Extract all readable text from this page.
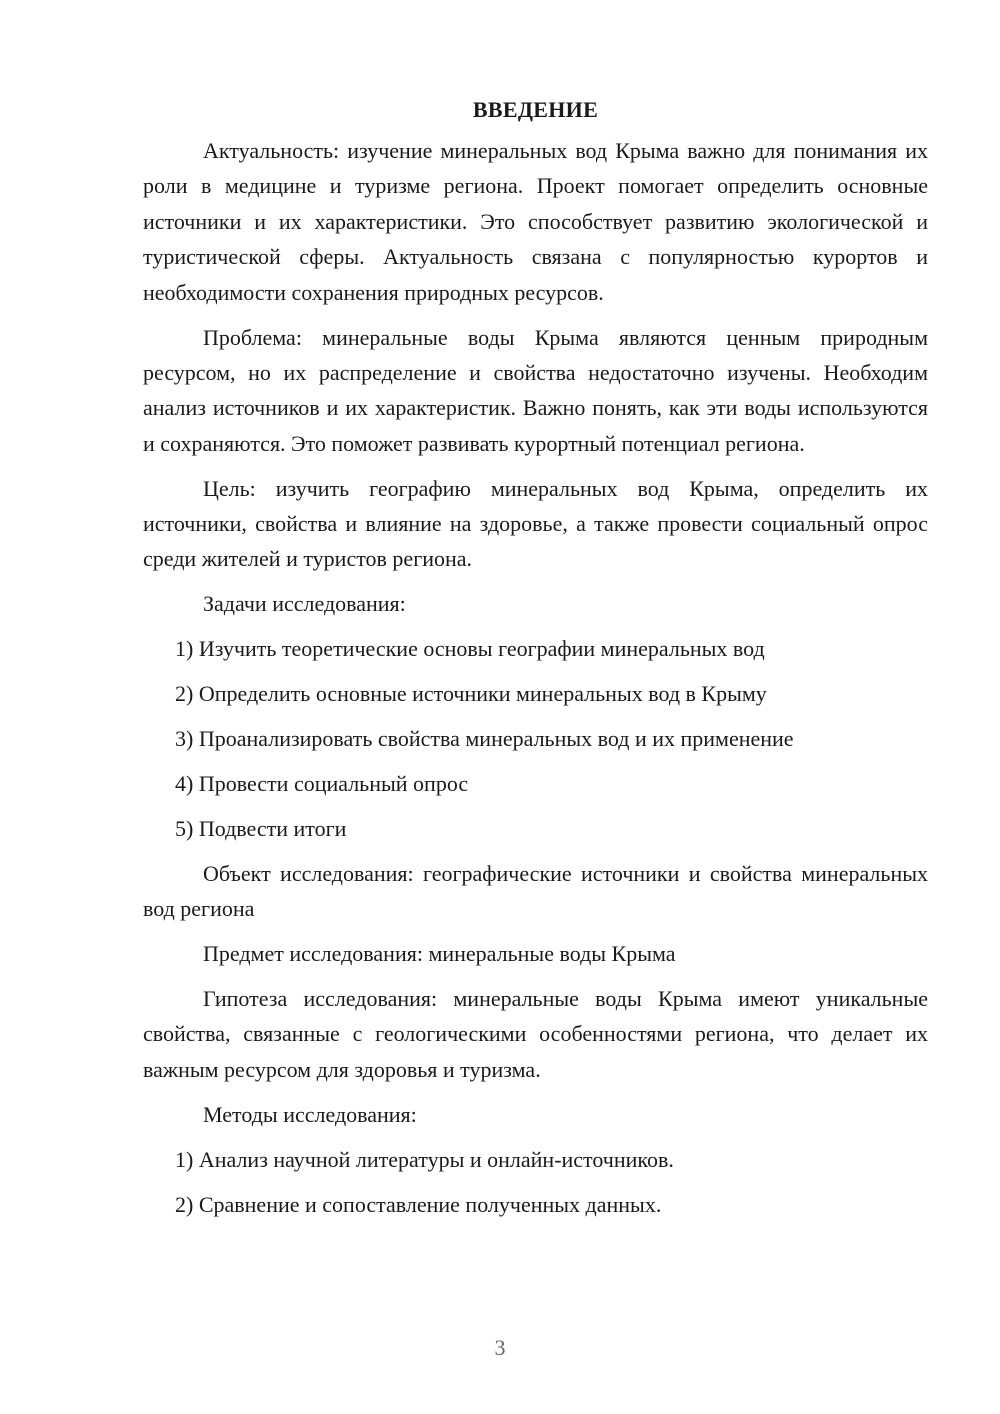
ВВЕДЕНИЕ

Актуальность: изучение минеральных вод Крыма важно для понимания их роли в медицине и туризме региона. Проект помогает определить основные источники и их характеристики. Это способствует развитию экологической и туристической сферы. Актуальность связана с популярностью курортов и необходимости сохранения природных ресурсов.

Проблема: минеральные воды Крыма являются ценным природным ресурсом, но их распределение и свойства недостаточно изучены. Необходим анализ источников и их характеристик. Важно понять, как эти воды используются и сохраняются. Это поможет развивать курортный потенциал региона.

Цель: изучить географию минеральных вод Крыма, определить их источники, свойства и влияние на здоровье, а также провести социальный опрос среди жителей и туристов региона.

Задачи исследования:
1) Изучить теоретические основы географии минеральных вод
2) Определить основные источники минеральных вод в Крыму
3) Проанализировать свойства минеральных вод и их применение
4) Провести социальный опрос
5) Подвести итоги

Объект исследования: географические источники и свойства минеральных вод региона

Предмет исследования: минеральные воды Крыма

Гипотеза исследования: минеральные воды Крыма имеют уникальные свойства, связанные с геологическими особенностями региона, что делает их важным ресурсом для здоровья и туризма.

Методы исследования:
1) Анализ научной литературы и онлайн-источников.
2) Сравнение и сопоставление полученных данных.
3
